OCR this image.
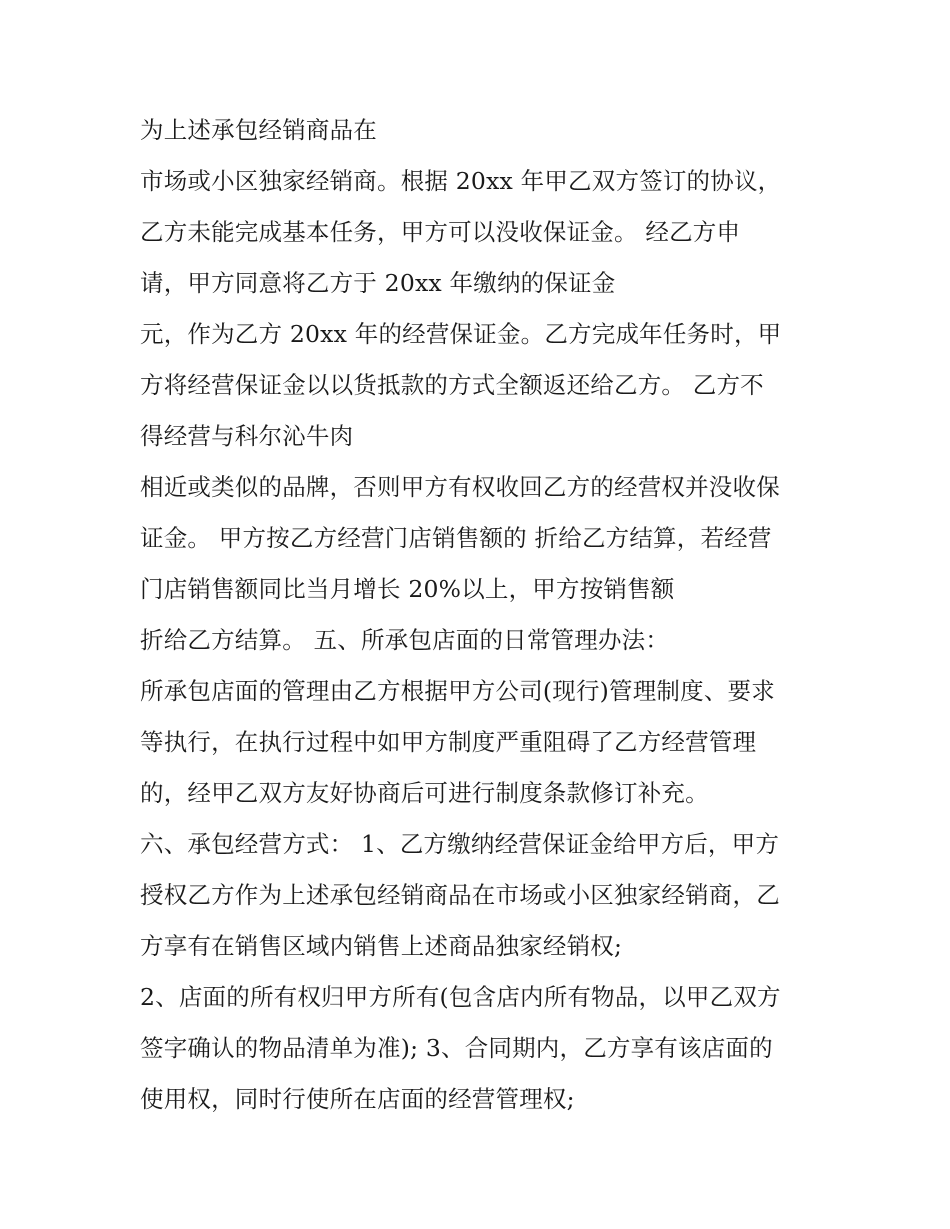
为上述承包经销商品在
市场或小区独家经销商。根据 20xx 年甲乙双方签订的协议，
乙方未能完成基本任务，甲方可以没收保证金。 经乙方申
请，甲方同意将乙方于 20xx 年缴纳的保证金
元，作为乙方 20xx 年的经营保证金。乙方完成年任务时，甲
方将经营保证金以以货抵款的方式全额返还给乙方。 乙方不
得经营与科尔沁牛肉
相近或类似的品牌，否则甲方有权收回乙方的经营权并没收保
证金。 甲方按乙方经营门店销售额的 折给乙方结算，若经营
门店销售额同比当月增长 20%以上，甲方按销售额
折给乙方结算。 五、所承包店面的日常管理办法：
所承包店面的管理由乙方根据甲方公司(现行)管理制度、要求
等执行，在执行过程中如甲方制度严重阻碍了乙方经营管理
的，经甲乙双方友好协商后可进行制度条款修订补充。
六、承包经营方式： 1、乙方缴纳经营保证金给甲方后，甲方
授权乙方作为上述承包经销商品在市场或小区独家经销商，乙
方享有在销售区域内销售上述商品独家经销权;
2、店面的所有权归甲方所有(包含店内所有物品，以甲乙双方
签字确认的物品清单为准); 3、合同期内，乙方享有该店面的
使用权，同时行使所在店面的经营管理权;
